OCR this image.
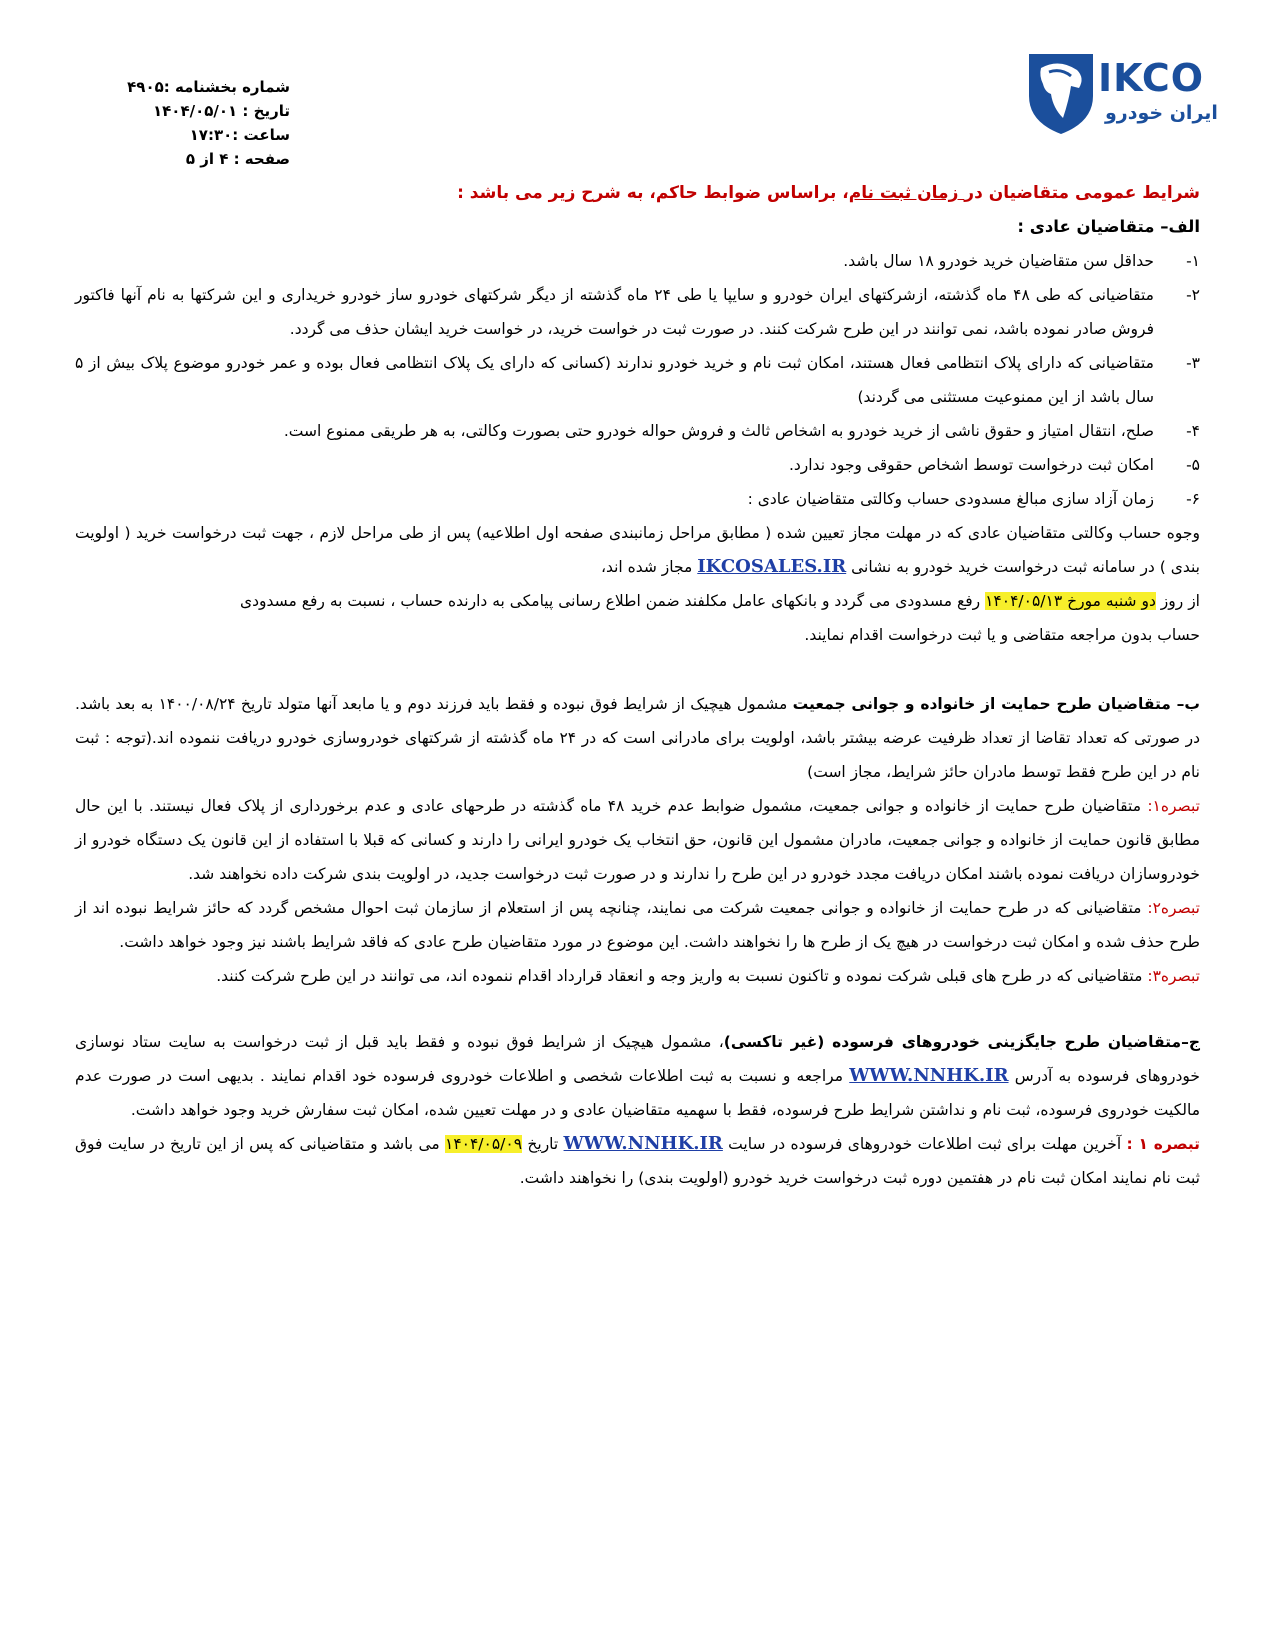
IKCO
ایران خودرو
شماره بخشنامه :۴۹۰۵
تاریخ : ۱۴۰۴/۰۵/۰۱
ساعت :۱۷:۳۰
صفحه : ۴ از ۵

شرایط عمومی متقاضیان در زمان ثبت نام، براساس ضوابط حاکم، به شرح زیر می باشد :

الف– متقاضیان عادی :

۱-
حداقل سن متقاضیان خرید خودرو ۱۸ سال باشد.
۲-
متقاضیانی که طی ۴۸ ماه گذشته، ازشرکتهای ایران خودرو و سایپا یا طی ۲۴ ماه گذشته از دیگر شرکتهای خودرو ساز خودرو خریداری و این شرکتها به نام آنها فاکتور فروش صادر نموده باشد، نمی توانند در این طرح شرکت کنند. در صورت ثبت در خواست خرید، در خواست خرید ایشان حذف می گردد.
۳-
متقاضیانی که دارای پلاک انتظامی فعال هستند، امکان ثبت نام و خرید خودرو ندارند (کسانی که دارای یک پلاک انتظامی فعال بوده و عمر خودرو موضوع پلاک بیش از ۵ سال باشد از این ممنوعیت مستثنی می گردند)
۴-
صلح، انتقال امتیاز و حقوق ناشی از خرید خودرو به اشخاص ثالث و فروش حواله خودرو حتی بصورت وکالتی، به هر طریقی ممنوع است.
۵-
امکان ثبت درخواست توسط اشخاص حقوقی وجود ندارد.
۶-
زمان آزاد سازی مبالغ مسدودی حساب وکالتی متقاضیان عادی :

وجوه حساب وکالتی متقاضیان عادی که در مهلت مجاز تعیین شده ( مطابق مراحل زمانبندی صفحه اول اطلاعیه) پس از طی مراحل لازم ، جهت ثبت درخواست خرید ( اولویت بندی ) در سامانه ثبت درخواست خرید خودرو به نشانی IKCOSALES.IR مجاز شده اند،

از روز دو شنبه مورخ ۱۴۰۴/۰۵/۱۳ رفع مسدودی می گردد و بانکهای عامل مکلفند ضمن اطلاع رسانی پیامکی به دارنده حساب ، نسبت به رفع مسدودی حساب بدون مراجعه متقاضی و یا ثبت درخواست اقدام نمایند.

ب– متقاضیان طرح حمایت از خانواده و جوانی جمعیت مشمول هیچیک از شرایط فوق نبوده و فقط باید فرزند دوم و یا مابعد آنها متولد تاریخ ۱۴۰۰/۰۸/۲۴ به بعد باشد. در صورتی که تعداد تقاضا از تعداد ظرفیت عرضه بیشتر باشد، اولویت برای مادرانی است که در ۲۴ ماه گذشته از شرکتهای خودروسازی خودرو دریافت ننموده اند.(توجه : ثبت نام در این طرح فقط توسط مادران حائز شرایط، مجاز است)

تبصره۱: متقاضیان طرح حمایت از خانواده و جوانی جمعیت، مشمول ضوابط عدم خرید ۴۸ ماه گذشته در طرحهای عادی و عدم برخورداری از پلاک فعال نیستند. با این حال مطابق قانون حمایت از خانواده و جوانی جمعیت، مادران مشمول این قانون، حق انتخاب یک خودرو ایرانی را دارند و کسانی که قبلا با استفاده از این قانون یک دستگاه خودرو از خودروسازان دریافت نموده باشند امکان دریافت مجدد خودرو در این طرح را ندارند و در صورت ثبت درخواست جدید، در اولویت بندی شرکت داده نخواهند شد.

تبصره۲: متقاضیانی که در طرح حمایت از خانواده و جوانی جمعیت شرکت می نمایند، چنانچه پس از استعلام از سازمان ثبت احوال مشخص گردد که حائز شرایط نبوده اند از طرح حذف شده و امکان ثبت درخواست در هیچ یک از طرح ها را نخواهند داشت. این موضوع در مورد متقاضیان طرح عادی که فاقد شرایط باشند نیز وجود خواهد داشت.

تبصره۳: متقاضیانی که در طرح های قبلی شرکت نموده و تاکنون نسبت به واریز وجه و انعقاد قرارداد اقدام ننموده اند، می توانند در این طرح شرکت کنند.

ج–متقاضیان طرح جایگزینی خودروهای فرسوده (غیر تاکسی)، مشمول هیچیک از شرایط فوق نبوده و فقط باید قبل از ثبت درخواست به سایت ستاد نوسازی خودروهای فرسوده به آدرس WWW.NNHK.IR مراجعه و نسبت به ثبت اطلاعات شخصی و اطلاعات خودروی فرسوده خود اقدام نمایند . بدیهی است در صورت عدم مالکیت خودروی فرسوده، ثبت نام و نداشتن شرایط طرح فرسوده، فقط با سهمیه متقاضیان عادی و در مهلت تعیین شده، امکان ثبت سفارش خرید وجود خواهد داشت.

تبصره ۱ : آخرین مهلت برای ثبت اطلاعات خودروهای فرسوده در سایت WWW.NNHK.IR تاریخ ۱۴۰۴/۰۵/۰۹ می باشد و متقاضیانی که پس از این تاریخ در سایت فوق ثبت نام نمایند امکان ثبت نام در هفتمین دوره ثبت درخواست خرید خودرو (اولویت بندی) را نخواهند داشت.
